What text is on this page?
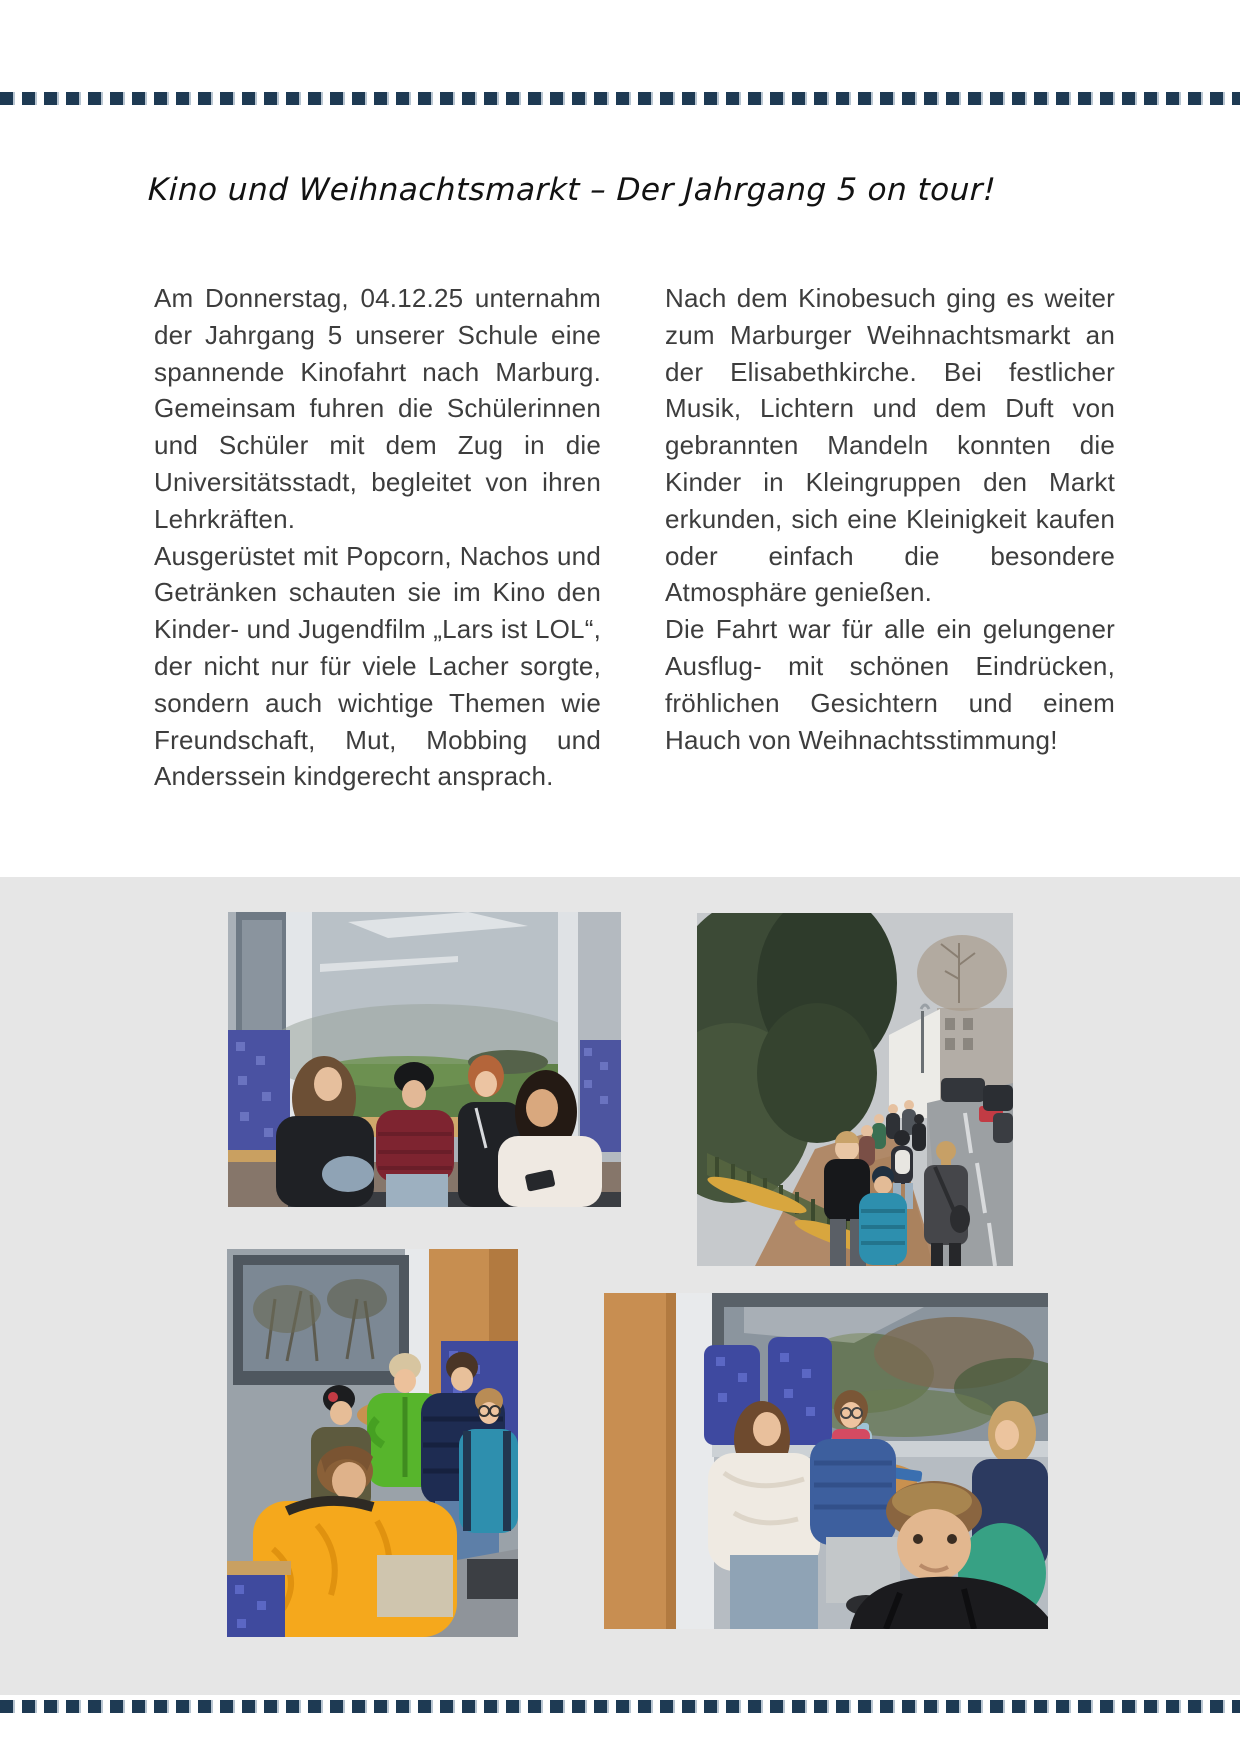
Kino und Weihnachtsmarkt – Der Jahrgang 5 on tour!

Am Donnerstag, 04.12.25 unternahm der Jahrgang 5 unserer Schule eine spannende Kinofahrt nach Marburg. Gemeinsam fuhren die Schülerinnen und Schüler mit dem Zug in die Universitätsstadt, begleitet von ihren Lehrkräften.

Ausgerüstet mit Popcorn, Nachos und Getränken schauten sie im Kino den Kinder- und Jugendfilm „Lars ist LOL“, der nicht nur für viele Lacher sorgte, sondern auch wichtige Themen wie Freundschaft, Mut, Mobbing und Anderssein kindgerecht ansprach.

Nach dem Kinobesuch ging es weiter zum Marburger Weihnachtsmarkt an der Elisabethkirche. Bei festlicher Musik, Lichtern und dem Duft von gebrannten Mandeln konnten die Kinder in Kleingruppen den Markt erkunden, sich eine Kleinigkeit kaufen oder einfach die besondere Atmosphäre genießen.

Die Fahrt war für alle ein gelungener Ausflug- mit schönen Eindrücken, fröhlichen Gesichtern und einem Hauch von Weihnachtsstimmung!
